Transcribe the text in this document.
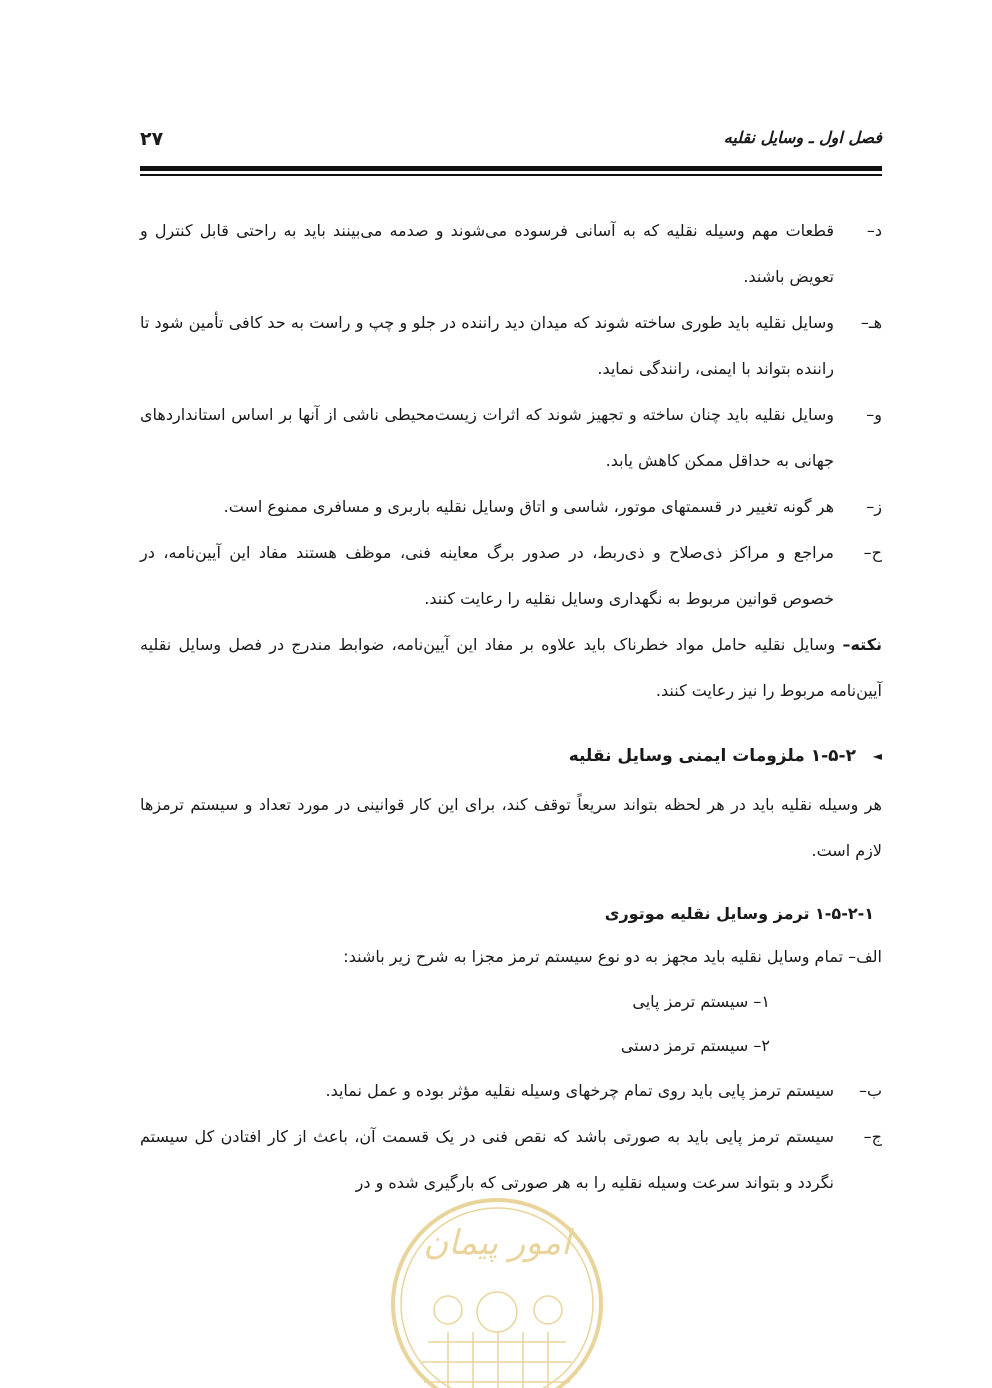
فصل اول ـ وسایل نقلیه
۲۷
د–
قطعات مهم وسیله نقلیه که به آسانی فرسوده می‌شوند و صدمه می‌بینند باید به راحتی قابل کنترل و تعویض باشند.
هـ–
وسایل نقلیه باید طوری ساخته شوند که میدان دید راننده در جلو و چپ و راست به حد کافی تأمین شود تا راننده بتواند با ایمنی، رانندگی نماید.
و–
وسایل نقلیه باید چنان ساخته و تجهیز شوند که اثرات زیست‌محیطی ناشی از آنها بر اساس استانداردهای جهانی به حداقل ممکن کاهش یابد.
ز–
هر گونه تغییر در قسمتهای موتور، شاسی و اتاق وسایل نقلیه باربری و مسافری ممنوع است.
ح–
مراجع و مراکز ذی‌صلاح و ذی‌ربط، در صدور برگ معاینه فنی، موظف هستند مفاد این آیین‌نامه، در خصوص قوانین مربوط به نگهداری وسایل نقلیه را رعایت کنند.
نکته– وسایل نقلیه حامل مواد خطرناک باید علاوه بر مفاد این آیین‌نامه، ضوابط مندرج در فصل وسایل نقلیه آیین‌نامه مربوط را نیز رعایت کنند.
◄
۱-۵-۲ ملزومات ایمنی وسایل نقلیه
هر وسیله نقلیه باید در هر لحظه بتواند سریعاً توقف کند، برای این کار قوانینی در مورد تعداد و سیستم ترمزها لازم است.
۱-۵-۲-۱ ترمز وسایل نقلیه موتوری
الف– تمام وسایل نقلیه باید مجهز به دو نوع سیستم ترمز مجزا به شرح زیر باشند:
۱– سیستم ترمز پایی
۲– سیستم ترمز دستی
ب–
سیستم ترمز پایی باید روی تمام چرخهای وسیله نقلیه مؤثر بوده و عمل نماید.
ج–
سیستم ترمز پایی باید به صورتی باشد که نقص فنی در یک قسمت آن، باعث از کار افتادن کل سیستم نگردد و بتواند سرعت وسیله نقلیه را به هر صورتی که بارگیری شده و در
امور پیمان
